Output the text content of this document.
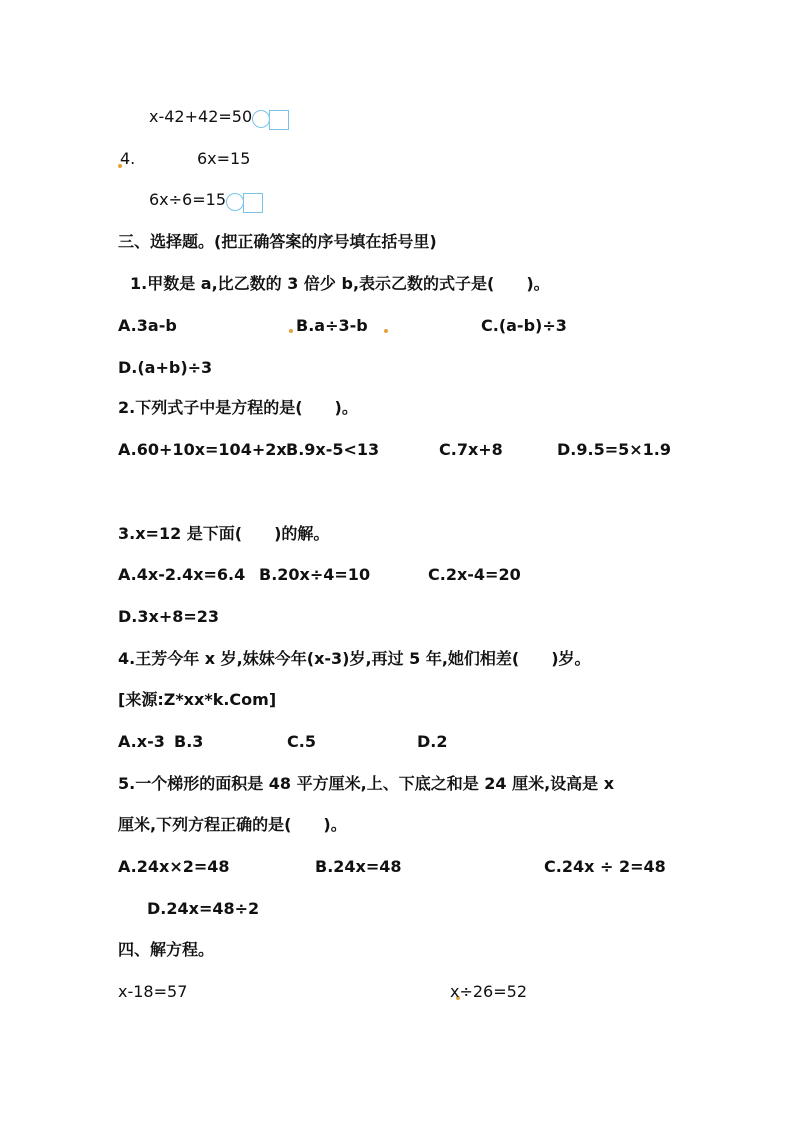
x-42+42=50
4.	6x=15
6x÷6=15
三、选择题。(把正确答案的序号填在括号里)
1.甲数是 a,比乙数的 3 倍少 b,表示乙数的式子是(　　)。
A.3a-b	B.a÷3-b	C.(a-b)÷3
D.(a+b)÷3
2.下列式子中是方程的是(　　)。
A.60+10x=104+2x B.9x-5<13	C.7x+8	D.9.5=5×1.9
3.x=12 是下面(　　)的解。
A.4x-2.4x=6.4 B.20x÷4=10	C.2x-4=20
D.3x+8=23
4.王芳今年 x 岁,妹妹今年(x-3)岁,再过 5 年,她们相差(　　)岁。
[来源:Z*xx*k.Com]
A.x-3 B.3	C.5	D.2
5.一个梯形的面积是 48 平方厘米,上、下底之和是 24 厘米,设高是 x
厘米,下列方程正确的是(　　)。
A.24x×2=48	B.24x=48	C.24x ÷ 2=48
D.24x=48÷2
四、解方程。
x-18=57	x÷26=52
